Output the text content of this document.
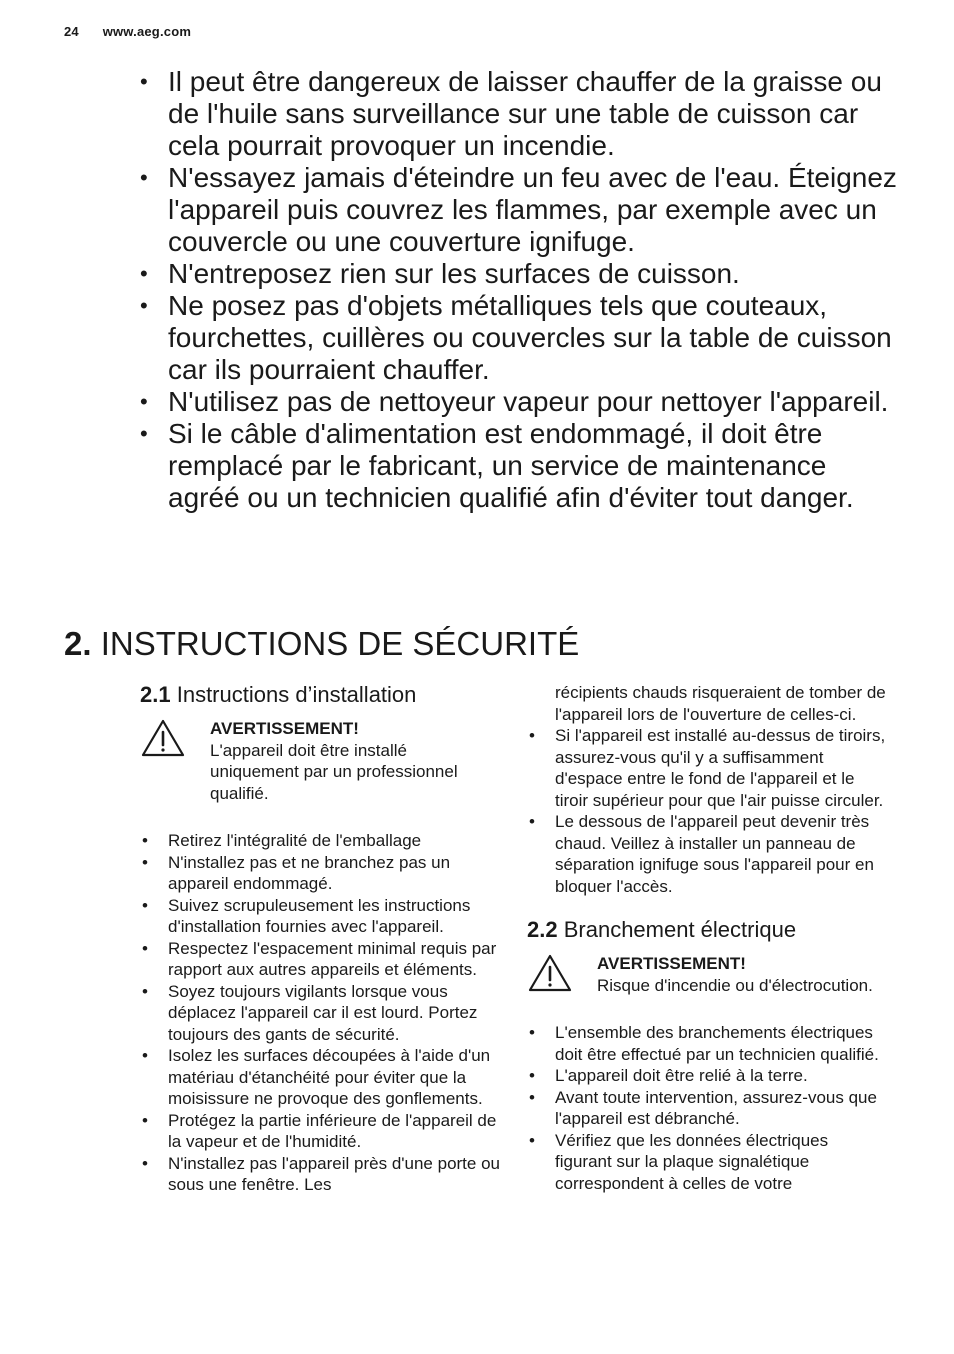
24 www.aeg.com
• Il peut être dangereux de laisser chauffer de la graisse ou de l'huile sans surveillance sur une table de cuisson car cela pourrait provoquer un incendie.
• N'essayez jamais d'éteindre un feu avec de l'eau. Éteignez l'appareil puis couvrez les flammes, par exemple avec un couvercle ou une couverture ignifuge.
• N'entreposez rien sur les surfaces de cuisson.
• Ne posez pas d'objets métalliques tels que couteaux, fourchettes, cuillères ou couvercles sur la table de cuisson car ils pourraient chauffer.
• N'utilisez pas de nettoyeur vapeur pour nettoyer l'appareil.
• Si le câble d'alimentation est endommagé, il doit être remplacé par le fabricant, un service de maintenance agréé ou un technicien qualifié afin d'éviter tout danger.
2. INSTRUCTIONS DE SÉCURITÉ
2.1 Instructions d’installation
AVERTISSEMENT!
L'appareil doit être installé uniquement par un professionnel qualifié.
• Retirez l'intégralité de l'emballage
• N'installez pas et ne branchez pas un appareil endommagé.
• Suivez scrupuleusement les instructions d'installation fournies avec l'appareil.
• Respectez l'espacement minimal requis par rapport aux autres appareils et éléments.
• Soyez toujours vigilants lorsque vous déplacez l'appareil car il est lourd. Portez toujours des gants de sécurité.
• Isolez les surfaces découpées à l'aide d'un matériau d'étanchéité pour éviter que la moisissure ne provoque des gonflements.
• Protégez la partie inférieure de l'appareil de la vapeur et de l'humidité.
• N'installez pas l'appareil près d'une porte ou sous une fenêtre. Les
récipients chauds risqueraient de tomber de l'appareil lors de l'ouverture de celles-ci.
• Si l'appareil est installé au-dessus de tiroirs, assurez-vous qu'il y a suffisamment d'espace entre le fond de l'appareil et le tiroir supérieur pour que l'air puisse circuler.
• Le dessous de l'appareil peut devenir très chaud. Veillez à installer un panneau de séparation ignifuge sous l'appareil pour en bloquer l'accès.
2.2 Branchement électrique
AVERTISSEMENT!
Risque d'incendie ou d'électrocution.
• L'ensemble des branchements électriques doit être effectué par un technicien qualifié.
• L'appareil doit être relié à la terre.
• Avant toute intervention, assurez-vous que l'appareil est débranché.
• Vérifiez que les données électriques figurant sur la plaque signalétique correspondent à celles de votre
